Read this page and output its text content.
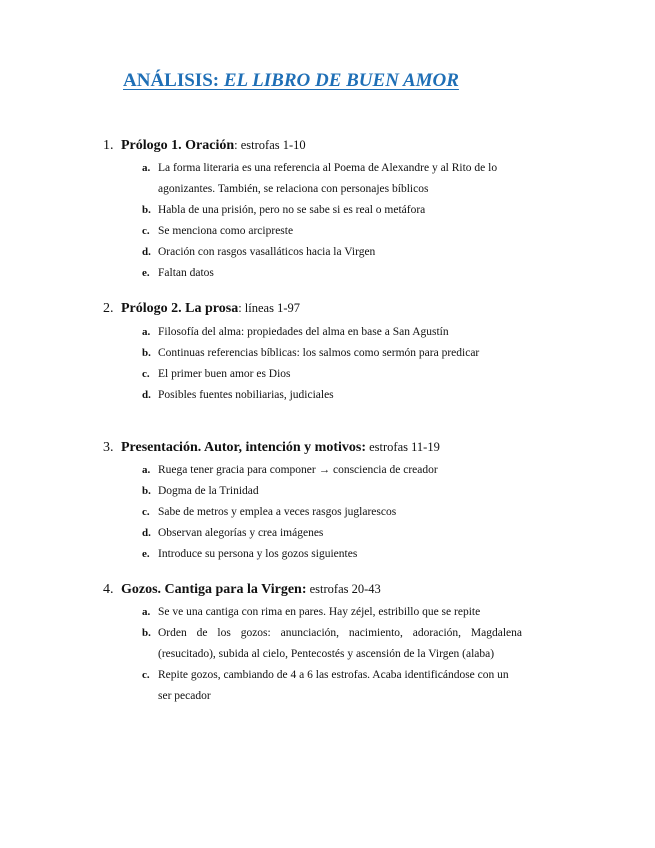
ANÁLISIS: EL LIBRO DE BUEN AMOR
1. Prólogo 1. Oración: estrofas 1-10
a. La forma literaria es una referencia al Poema de Alexandre y al Rito de lo agonizantes. También, se relaciona con personajes bíblicos
b. Habla de una prisión, pero no se sabe si es real o metáfora
c. Se menciona como arcipreste
d. Oración con rasgos vasalláticos hacia la Virgen
e. Faltan datos
2. Prólogo 2. La prosa: líneas 1-97
a. Filosofía del alma: propiedades del alma en base a San Agustín
b. Continuas referencias bíblicas: los salmos como sermón para predicar
c. El primer buen amor es Dios
d. Posibles fuentes nobiliarias, judiciales
3. Presentación. Autor, intención y motivos: estrofas 11-19
a. Ruega tener gracia para componer → consciencia de creador
b. Dogma de la Trinidad
c. Sabe de metros y emplea a veces rasgos juglarescos
d. Observan alegorías y crea imágenes
e. Introduce su persona y los gozos siguientes
4. Gozos. Cantiga para la Virgen: estrofas 20-43
a. Se ve una cantiga con rima en pares. Hay zéjel, estribillo que se repite
b. Orden de los gozos: anunciación, nacimiento, adoración, Magdalena (resucitado), subida al cielo, Pentecostés y ascensión de la Virgen (alaba)
c. Repite gozos, cambiando de 4 a 6 las estrofas. Acaba identificándose con un ser pecador
